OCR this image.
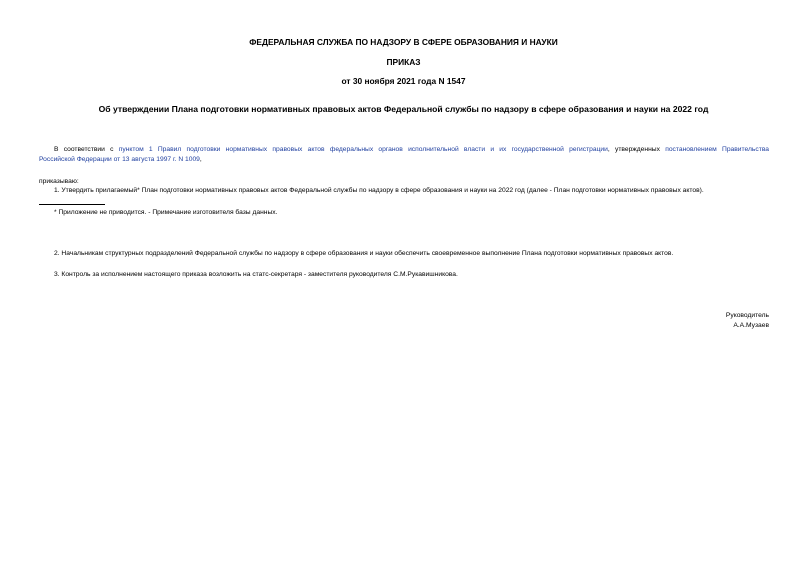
ФЕДЕРАЛЬНАЯ СЛУЖБА ПО НАДЗОРУ В СФЕРЕ ОБРАЗОВАНИЯ И НАУКИ
ПРИКАЗ
от 30 ноября 2021 года N 1547
Об утверждении Плана подготовки нормативных правовых актов Федеральной службы по надзору в сфере образования и науки на 2022 год
В соответствии с пунктом 1 Правил подготовки нормативных правовых актов федеральных органов исполнительной власти и их государственной регистрации, утвержденных постановлением Правительства
Российской Федерации от 13 августа 1997 г. N 1009,
приказываю:
1. Утвердить прилагаемый* План подготовки нормативных правовых актов Федеральной службы по надзору в сфере образования и науки на 2022 год (далее - План подготовки нормативных правовых актов).
* Приложение не приводится. - Примечание изготовителя базы данных.
2. Начальникам структурных подразделений Федеральной службы по надзору в сфере образования и науки обеспечить своевременное выполнение Плана подготовки нормативных правовых актов.
3. Контроль за исполнением настоящего приказа возложить на статс-секретаря - заместителя руководителя С.М.Рукавишникова.
Руководитель
А.А.Музаев
